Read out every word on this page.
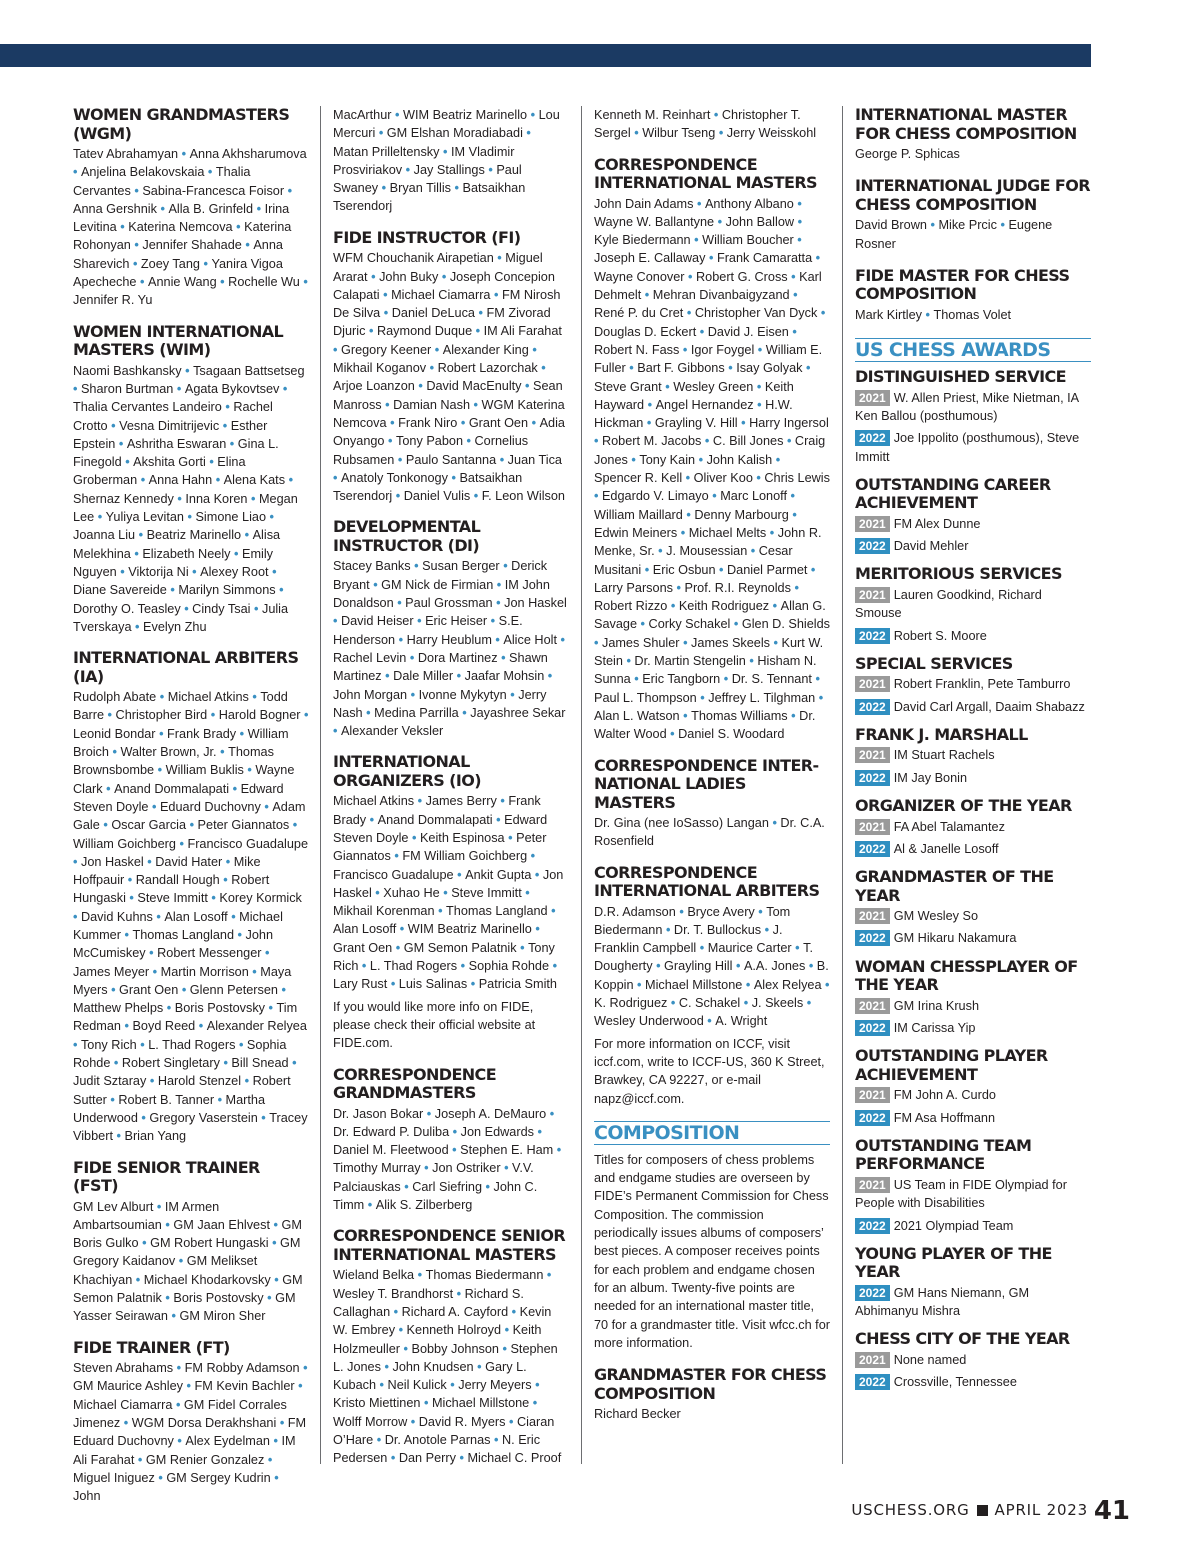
WOMEN GRANDMASTERS (WGM)

Tatev Abrahamyan • Anna Akhsharumova • Anjelina Belakovskaia • Thalia Cervantes • Sabina-Francesca Foisor • Anna Gershnik • Alla B. Grinfeld • Irina Levitina • Katerina Nemcova • Katerina Rohonyan • Jennifer Shahade • Anna Sharevich • Zoey Tang • Yanira Vigoa Apecheche • Annie Wang • Rochelle Wu • Jennifer R. Yu

WOMEN INTERNATIONAL MASTERS (WIM)

Naomi Bashkansky • Tsagaan Battsetseg • Sharon Burtman • Agata Bykovtsev • Thalia Cervantes Landeiro • Rachel Crotto • Vesna Dimitrijevic • Esther Epstein • Ashritha Eswaran • Gina L. Finegold • Akshita Gorti • Elina Groberman • Anna Hahn • Alena Kats • Shernaz Kennedy • Inna Koren • Megan Lee • Yuliya Levitan • Simone Liao • Joanna Liu • Beatriz Marinello • Alisa Melekhina • Elizabeth Neely • Emily Nguyen • Viktorija Ni • Alexey Root • Diane Savereide • Marilyn Simmons • Dorothy O. Teasley • Cindy Tsai • Julia Tverskaya • Evelyn Zhu

INTERNATIONAL ARBITERS (IA)

Rudolph Abate • Michael Atkins • Todd Barre • Christopher Bird • Harold Bogner • Leonid Bondar • Frank Brady • William Broich • Walter Brown, Jr. • Thomas Brownsbombe • William Buklis • Wayne Clark • Anand Dommalapati • Edward Steven Doyle • Eduard Duchovny • Adam Gale • Oscar Garcia • Peter Giannatos • William Goichberg • Francisco Guadalupe • Jon Haskel • David Hater • Mike Hoffpauir • Randall Hough • Robert Hungaski • Steve Immitt • Korey Kormick • David Kuhns • Alan Losoff • Michael Kummer • Thomas Langland • John McCumiskey • Robert Messenger • James Meyer • Martin Morrison • Maya Myers • Grant Oen • Glenn Petersen • Matthew Phelps • Boris Postovsky • Tim Redman • Boyd Reed • Alexander Relyea • Tony Rich • L. Thad Rogers • Sophia Rohde • Robert Singletary • Bill Snead • Judit Sztaray • Harold Stenzel • Robert Sutter • Robert B. Tanner • Martha Underwood • Gregory Vaserstein • Tracey Vibbert • Brian Yang

FIDE SENIOR TRAINER (FST)

GM Lev Alburt • IM Armen Ambartsoumian • GM Jaan Ehlvest • GM Boris Gulko • GM Robert Hungaski • GM Gregory Kaidanov • GM Melikset Khachiyan • Michael Khodarkovsky • GM Semon Palatnik • Boris Postovsky • GM Yasser Seirawan • GM Miron Sher

FIDE TRAINER (FT)

Steven Abrahams • FM Robby Adamson • GM Maurice Ashley • FM Kevin Bachler • Michael Ciamarra • GM Fidel Corrales Jimenez • WGM Dorsa Derakhshani • FM Eduard Duchovny • Alex Eydelman • IM Ali Farahat • GM Renier Gonzalez • Miguel Iniguez • GM Sergey Kudrin • John

MacArthur • WIM Beatriz Marinello • Lou Mercuri • GM Elshan Moradiabadi • Matan Prilleltensky • IM Vladimir Prosviriakov • Jay Stallings • Paul Swaney • Bryan Tillis • Batsaikhan Tserendorj

FIDE INSTRUCTOR (FI)

WFM Chouchanik Airapetian • Miguel Ararat • John Buky • Joseph Concepion Calapati • Michael Ciamarra • FM Nirosh De Silva • Daniel DeLuca • FM Zivorad Djuric • Raymond Duque • IM Ali Farahat • Gregory Keener • Alexander King • Mikhail Koganov • Robert Lazorchak • Arjoe Loanzon • David MacEnulty • Sean Manross • Damian Nash • WGM Katerina Nemcova • Frank Niro • Grant Oen • Adia Onyango • Tony Pabon • Cornelius Rubsamen • Paulo Santanna • Juan Tica • Anatoly Tonkonogy • Batsaikhan Tserendorj • Daniel Vulis • F. Leon Wilson

DEVELOPMENTAL INSTRUCTOR (DI)

Stacey Banks • Susan Berger • Derick Bryant • GM Nick de Firmian • IM John Donaldson • Paul Grossman • Jon Haskel • David Heiser • Eric Heiser • S.E. Henderson • Harry Heublum • Alice Holt • Rachel Levin • Dora Martinez • Shawn Martinez • Dale Miller • Jaafar Mohsin • John Morgan • Ivonne Mykytyn • Jerry Nash • Medina Parrilla • Jayashree Sekar • Alexander Veksler

INTERNATIONAL ORGANIZERS (IO)

Michael Atkins • James Berry • Frank Brady • Anand Dommalapati • Edward Steven Doyle • Keith Espinosa • Peter Giannatos • FM William Goichberg • Francisco Guadalupe • Ankit Gupta • Jon Haskel • Xuhao He • Steve Immitt • Mikhail Korenman • Thomas Langland • Alan Losoff • WIM Beatriz Marinello • Grant Oen • GM Semon Palatnik • Tony Rich • L. Thad Rogers • Sophia Rohde • Lary Rust • Luis Salinas • Patricia Smith

If you would like more info on FIDE, please check their official website at FIDE.com.

CORRESPONDENCE GRANDMASTERS

Dr. Jason Bokar • Joseph A. DeMauro • Dr. Edward P. Duliba • Jon Edwards • Daniel M. Fleetwood • Stephen E. Ham • Timothy Murray • Jon Ostriker • V.V. Palciauskas • Carl Siefring • John C. Timm • Alik S. Zilberberg

CORRESPONDENCE SENIOR INTERNATIONAL MASTERS

Wieland Belka • Thomas Biedermann • Wesley T. Brandhorst • Richard S. Callaghan • Richard A. Cayford • Kevin W. Embrey • Kenneth Holroyd • Keith Holzmeuller • Bobby Johnson • Stephen L. Jones • John Knudsen • Gary L. Kubach • Neil Kulick • Jerry Meyers • Kristo Miettinen • Michael Millstone • Wolff Morrow • David R. Myers • Ciaran O’Hare • Dr. Anotole Parnas • N. Eric Pedersen • Dan Perry • Michael C. Proof

Kenneth M. Reinhart • Christopher T. Sergel • Wilbur Tseng • Jerry Weisskohl

CORRESPONDENCE INTERNATIONAL MASTERS

John Dain Adams • Anthony Albano • Wayne W. Ballantyne • John Ballow • Kyle Biedermann • William Boucher • Joseph E. Callaway • Frank Camaratta • Wayne Conover • Robert G. Cross • Karl Dehmelt • Mehran Divanbaigyzand • René P. du Cret • Christopher Van Dyck • Douglas D. Eckert • David J. Eisen • Robert N. Fass • Igor Foygel • William E. Fuller • Bart F. Gibbons • Isay Golyak • Steve Grant • Wesley Green • Keith Hayward • Angel Hernandez • H.W. Hickman • Grayling V. Hill • Harry Ingersol • Robert M. Jacobs • C. Bill Jones • Craig Jones • Tony Kain • John Kalish • Spencer R. Kell • Oliver Koo • Chris Lewis • Edgardo V. Limayo • Marc Lonoff • William Maillard • Denny Marbourg • Edwin Meiners • Michael Melts • John R. Menke, Sr. • J. Mousessian • Cesar Musitani • Eric Osbun • Daniel Parmet • Larry Parsons • Prof. R.I. Reynolds • Robert Rizzo • Keith Rodriguez • Allan G. Savage • Corky Schakel • Glen D. Shields • James Shuler • James Skeels • Kurt W. Stein • Dr. Martin Stengelin • Hisham N. Sunna • Eric Tangborn • Dr. S. Tennant • Paul L. Thompson • Jeffrey L. Tilghman • Alan L. Watson • Thomas Williams • Dr. Walter Wood • Daniel S. Woodard

CORRESPONDENCE INTER-NATIONAL LADIES MASTERS

Dr. Gina (nee IoSasso) Langan • Dr. C.A. Rosenfield

CORRESPONDENCE INTERNATIONAL ARBITERS

D.R. Adamson • Bryce Avery • Tom Biedermann • Dr. T. Bullockus • J. Franklin Campbell • Maurice Carter • T. Dougherty • Grayling Hill • A.A. Jones • B. Koppin • Michael Millstone • Alex Relyea • K. Rodriguez • C. Schakel • J. Skeels • Wesley Underwood • A. Wright

For more information on ICCF, visit iccf.com, write to ICCF-US, 360 K Street, Brawkey, CA 92227, or e-mail napz@iccf.com.

COMPOSITION

Titles for composers of chess problems and endgame studies are overseen by FIDE’s Permanent Commission for Chess Composition. The commission periodically issues albums of composers’ best pieces. A composer receives points for each problem and endgame chosen for an album. Twenty-five points are needed for an international master title, 70 for a grandmaster title. Visit wfcc.ch for more information.

GRANDMASTER FOR CHESS COMPOSITION

Richard Becker

INTERNATIONAL MASTER FOR CHESS COMPOSITION

George P. Sphicas

INTERNATIONAL JUDGE FOR CHESS COMPOSITION

David Brown • Mike Prcic • Eugene Rosner

FIDE MASTER FOR CHESS COMPOSITION

Mark Kirtley • Thomas Volet

US CHESS AWARDS
DISTINGUISHED SERVICE
2021 W. Allen Priest, Mike Nietman, IA Ken Ballou (posthumous)
2022 Joe Ippolito (posthumous), Steve Immitt
OUTSTANDING CAREER ACHIEVEMENT
2021 FM Alex Dunne
2022 David Mehler
MERITORIOUS SERVICES
2021 Lauren Goodkind, Richard Smouse
2022 Robert S. Moore
SPECIAL SERVICES
2021 Robert Franklin, Pete Tamburro
2022 David Carl Argall, Daaim Shabazz
FRANK J. MARSHALL
2021 IM Stuart Rachels
2022 IM Jay Bonin
ORGANIZER OF THE YEAR
2021 FA Abel Talamantez
2022 Al & Janelle Losoff
GRANDMASTER OF THE YEAR
2021 GM Wesley So
2022 GM Hikaru Nakamura
WOMAN CHESSPLAYER OF THE YEAR
2021 GM Irina Krush
2022 IM Carissa Yip
OUTSTANDING PLAYER ACHIEVEMENT
2021 FM John A. Curdo
2022 FM Asa Hoffmann
OUTSTANDING TEAM PERFORMANCE
2021 US Team in FIDE Olympiad for People with Disabilities
2022 2021 Olympiad Team
YOUNG PLAYER OF THE YEAR
2022 GM Hans Niemann, GM Abhimanyu Mishra
CHESS CITY OF THE YEAR
2021 None named
2022 Crossville, Tennessee
USCHESS.ORG APRIL 2023 41
